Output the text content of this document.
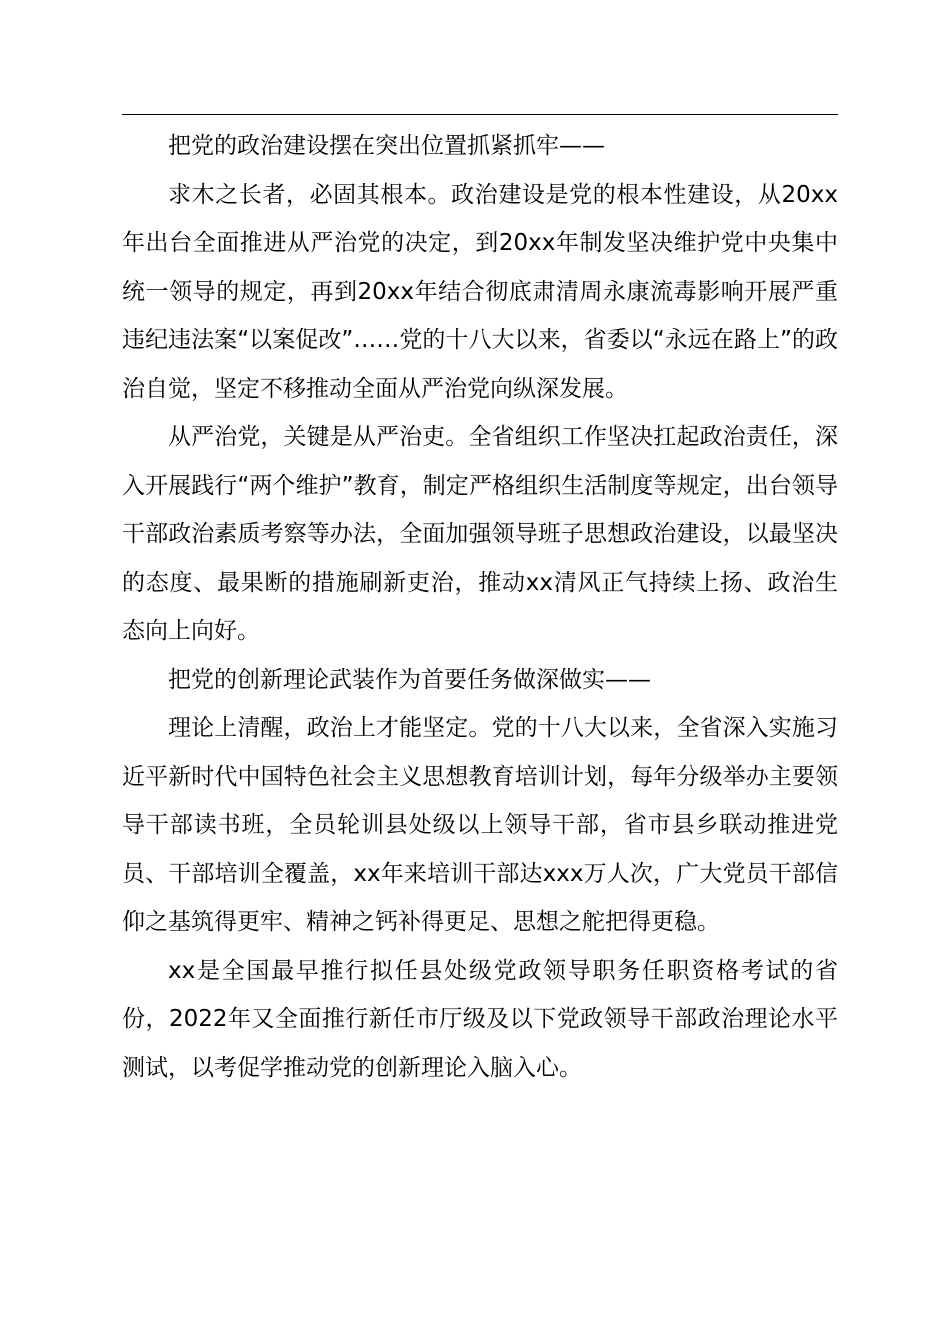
把党的政治建设摆在突出位置抓紧抓牢——

求木之长者，必固其根本。政治建设是党的根本性建设，从20xx年出台全面推进从严治党的决定，到20xx年制发坚决维护党中央集中统一领导的规定，再到20xx年结合彻底肃清周永康流毒影响开展严重违纪违法案“以案促改”……党的十八大以来，省委以“永远在路上”的政治自觉，坚定不移推动全面从严治党向纵深发展。

从严治党，关键是从严治吏。全省组织工作坚决扛起政治责任，深入开展践行“两个维护”教育，制定严格组织生活制度等规定，出台领导干部政治素质考察等办法，全面加强领导班子思想政治建设，以最坚决的态度、最果断的措施刷新吏治，推动xx清风正气持续上扬、政治生态向上向好。

把党的创新理论武装作为首要任务做深做实——

理论上清醒，政治上才能坚定。党的十八大以来，全省深入实施习近平新时代中国特色社会主义思想教育培训计划，每年分级举办主要领导干部读书班，全员轮训县处级以上领导干部，省市县乡联动推进党员、干部培训全覆盖，xx年来培训干部达xxx万人次，广大党员干部信仰之基筑得更牢、精神之钙补得更足、思想之舵把得更稳。

xx是全国最早推行拟任县处级党政领导职务任职资格考试的省份，2022年又全面推行新任市厅级及以下党政领导干部政治理论水平测试，以考促学推动党的创新理论入脑入心。
